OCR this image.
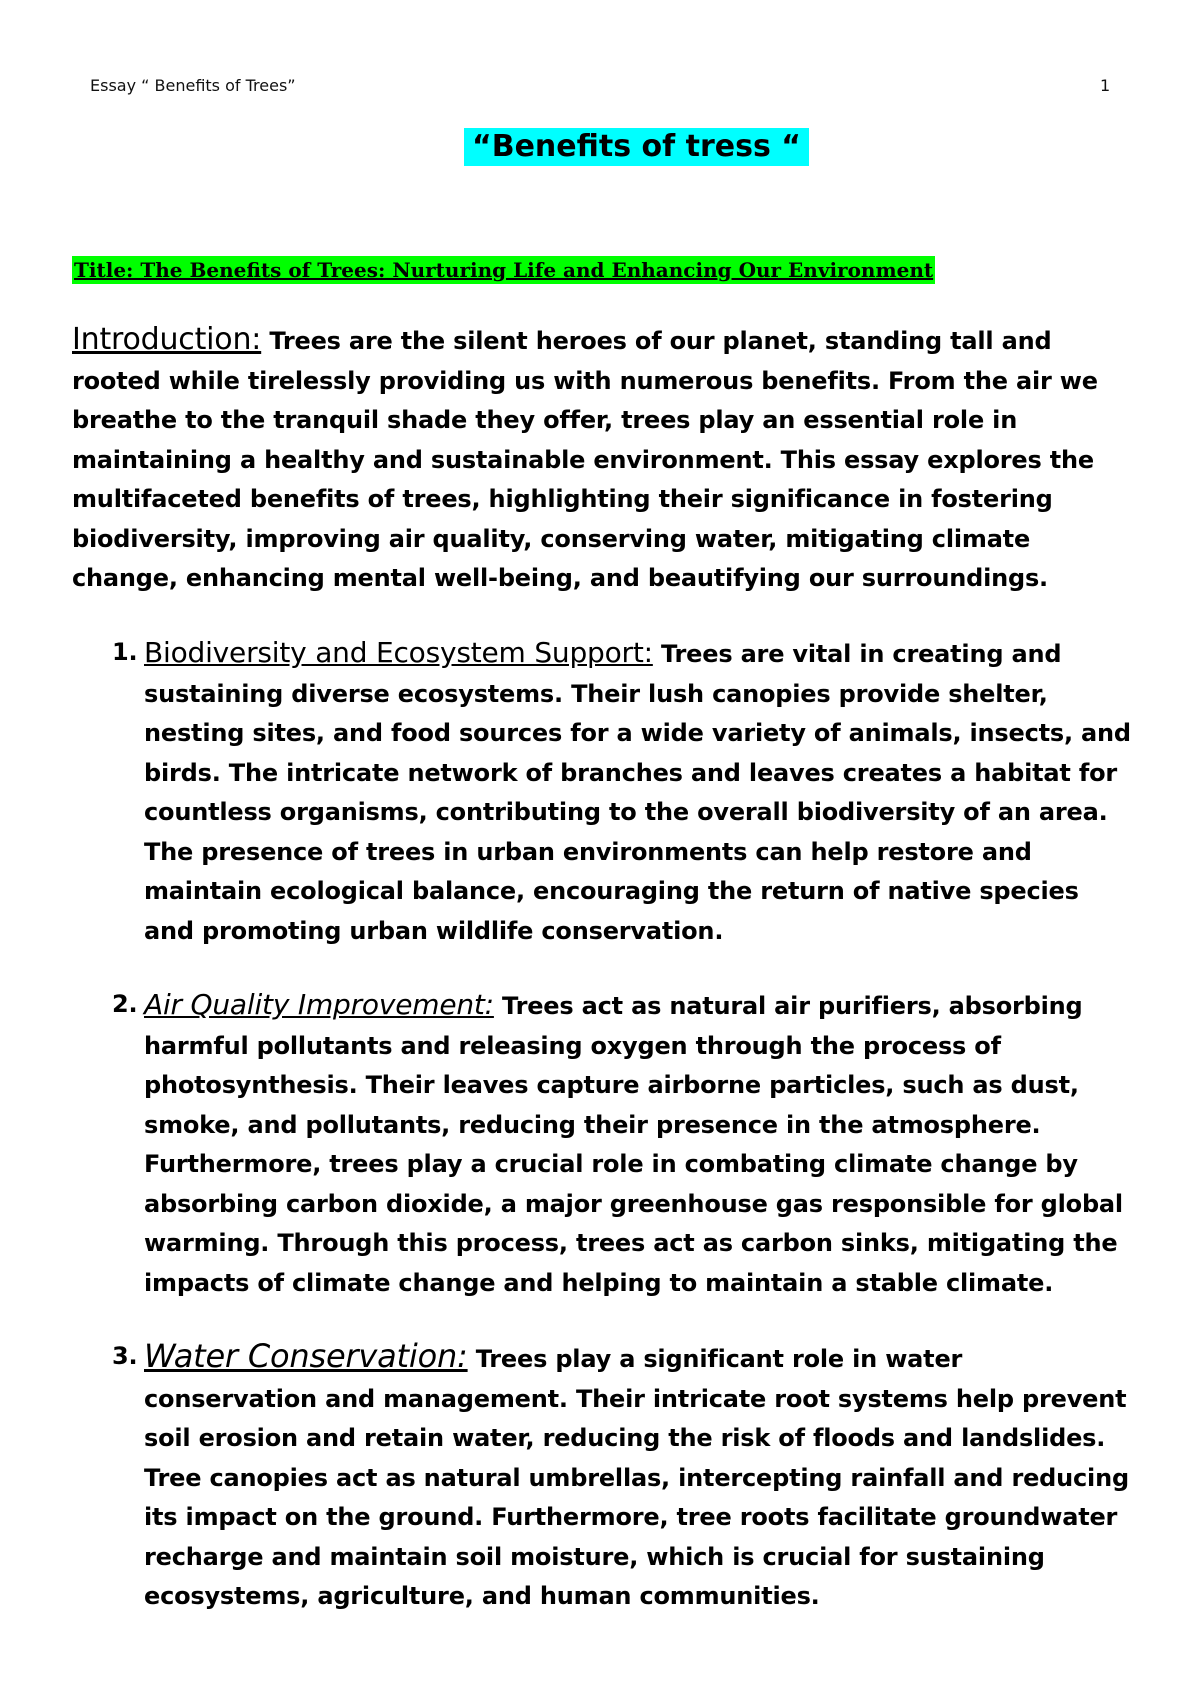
Essay “ Benefits of Trees”	1
“Benefits of tress “
Title: The Benefits of Trees: Nurturing Life and Enhancing Our Environment

Introduction: Trees are the silent heroes of our planet, standing tall and rooted while tirelessly providing us with numerous benefits. From the air we breathe to the tranquil shade they offer, trees play an essential role in maintaining a healthy and sustainable environment. This essay explores the multifaceted benefits of trees, highlighting their significance in fostering biodiversity, improving air quality, conserving water, mitigating climate change, enhancing mental well-being, and beautifying our surroundings.

1. Biodiversity and Ecosystem Support: Trees are vital in creating and sustaining diverse ecosystems. Their lush canopies provide shelter, nesting sites, and food sources for a wide variety of animals, insects, and birds. The intricate network of branches and leaves creates a habitat for countless organisms, contributing to the overall biodiversity of an area. The presence of trees in urban environments can help restore and maintain ecological balance, encouraging the return of native species and promoting urban wildlife conservation.
2. Air Quality Improvement: Trees act as natural air purifiers, absorbing harmful pollutants and releasing oxygen through the process of photosynthesis. Their leaves capture airborne particles, such as dust, smoke, and pollutants, reducing their presence in the atmosphere. Furthermore, trees play a crucial role in combating climate change by absorbing carbon dioxide, a major greenhouse gas responsible for global warming. Through this process, trees act as carbon sinks, mitigating the impacts of climate change and helping to maintain a stable climate.
3. Water Conservation: Trees play a significant role in water conservation and management. Their intricate root systems help prevent soil erosion and retain water, reducing the risk of floods and landslides. Tree canopies act as natural umbrellas, intercepting rainfall and reducing its impact on the ground. Furthermore, tree roots facilitate groundwater recharge and maintain soil moisture, which is crucial for sustaining ecosystems, agriculture, and human communities.
